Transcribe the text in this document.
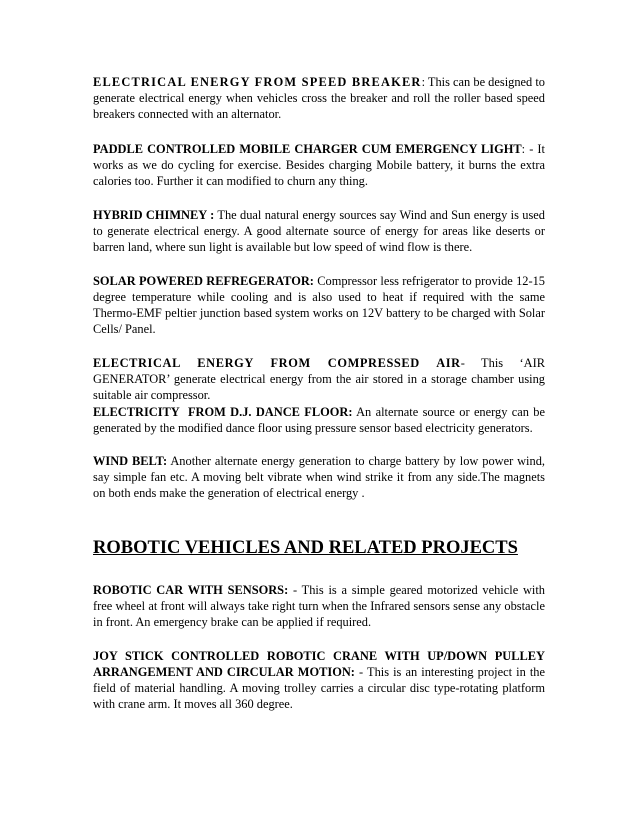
ELECTRICAL ENERGY FROM SPEED BREAKER: This can be designed to generate electrical energy when vehicles cross the breaker and roll the roller based speed breakers connected with an alternator.

PADDLE CONTROLLED MOBILE CHARGER CUM EMERGENCY LIGHT: - It works as we do cycling for exercise. Besides charging Mobile battery, it burns the extra calories too. Further it can modified to churn any thing.

HYBRID CHIMNEY : The dual natural energy sources say Wind and Sun energy is used to generate electrical energy. A good alternate source of energy for areas like deserts or barren land, where sun light is available but low speed of wind flow is there.

SOLAR POWERED REFREGERATOR: Compressor less refrigerator to provide 12-15 degree temperature while cooling and is also used to heat if required with the same Thermo-EMF peltier junction based system works on 12V battery to be charged with Solar Cells/ Panel.

ELECTRICAL ENERGY FROM COMPRESSED AIR- This ‘AIR GENERATOR’ generate electrical energy from the air stored in a storage chamber using suitable air compressor.

ELECTRICITY  FROM D.J. DANCE FLOOR: An alternate source or energy can be generated by the modified dance floor using pressure sensor based electricity generators.

WIND BELT: Another alternate energy generation to charge battery by low power wind, say simple fan etc. A moving belt vibrate when wind strike it from any side.The magnets on both ends make the generation of electrical energy .

ROBOTIC VEHICLES AND RELATED PROJECTS

ROBOTIC CAR WITH SENSORS: - This is a simple geared motorized vehicle with free wheel at front will always take right turn when the Infrared sensors sense any obstacle in front. An emergency brake can be applied if required.

JOY STICK CONTROLLED ROBOTIC CRANE WITH UP/DOWN PULLEY ARRANGEMENT AND CIRCULAR MOTION: - This is an interesting project in the field of material handling. A moving trolley carries a circular disc type-rotating platform with crane arm. It moves all 360 degree.
